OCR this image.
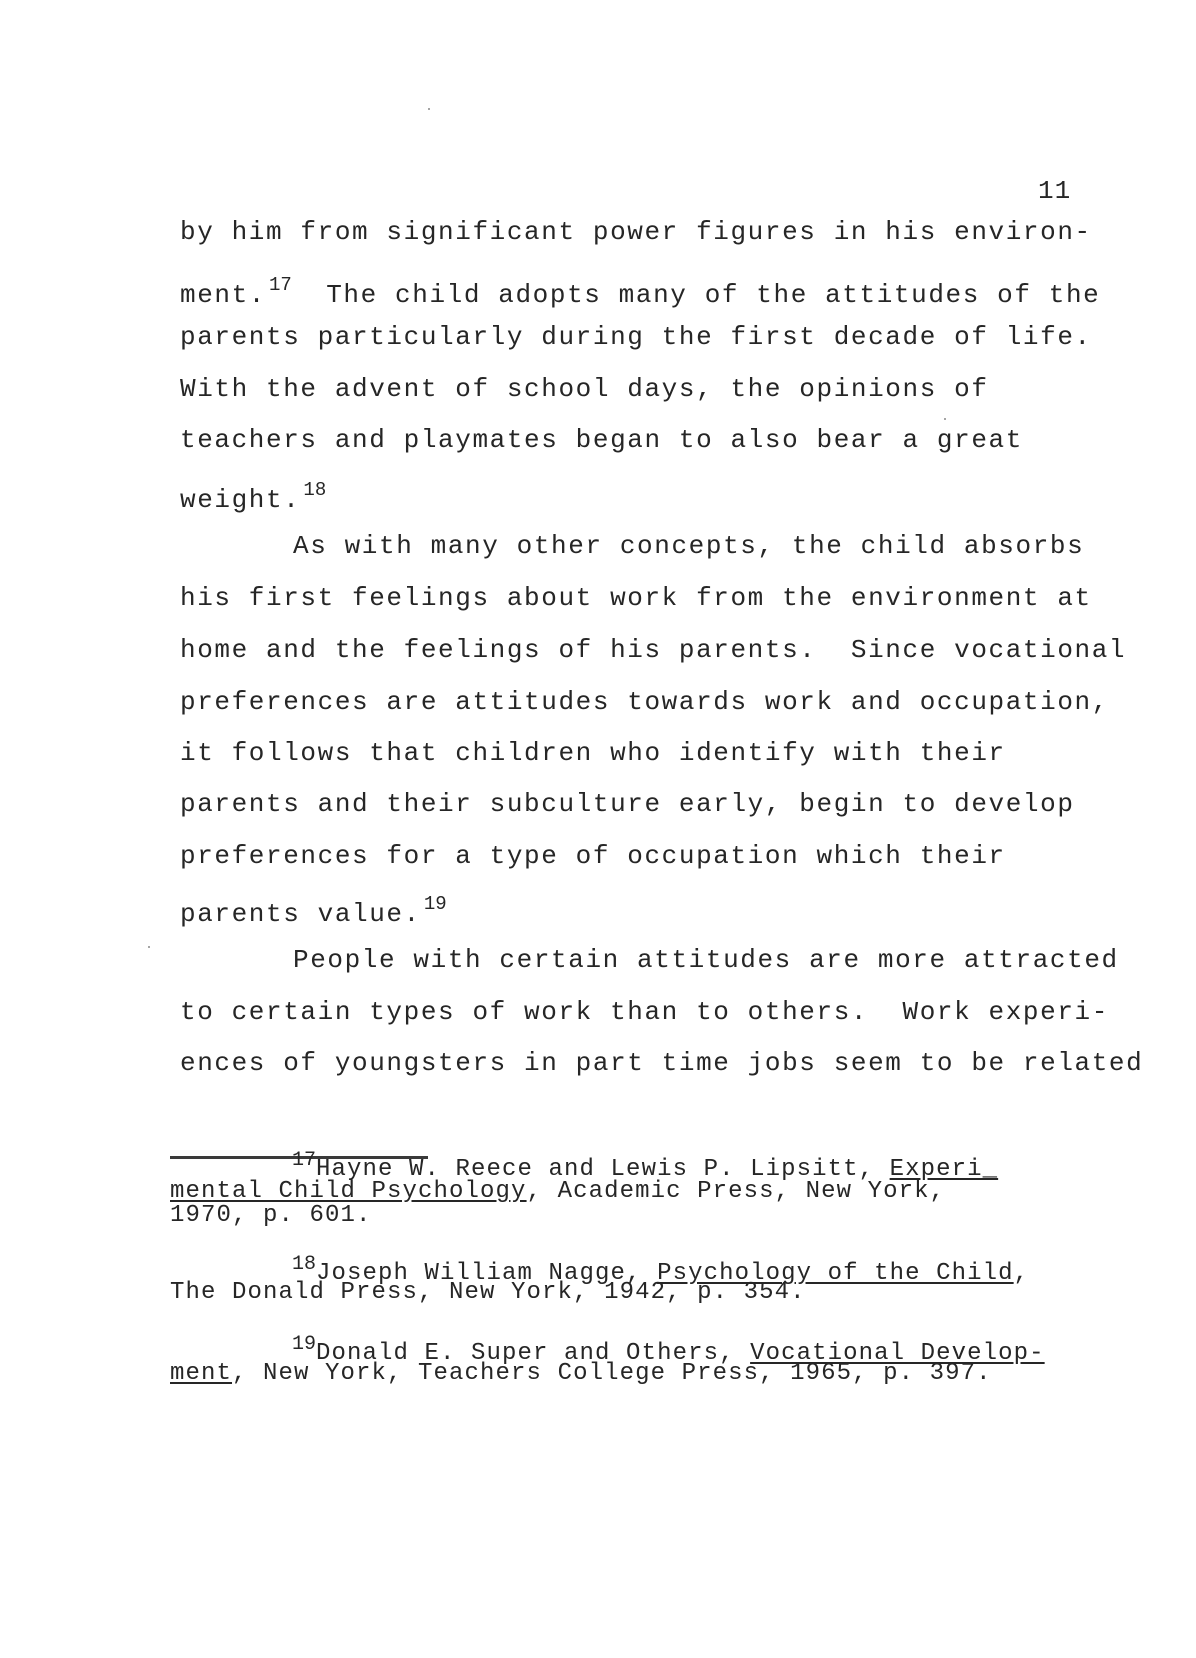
11
by him from significant power figures in his environ-
ment. $^{17}$  The child adopts many of the attitudes of the
parents particularly during the first decade of life.
With the advent of school days, the opinions of
teachers and playmates began to also bear a great
weight. $^{18}$
As with many other concepts, the child absorbs
his first feelings about work from the environment at
home and the feelings of his parents.  Since vocational
preferences are attitudes towards work and occupation,
it follows that children who identify with their
parents and their subculture early, begin to develop
preferences for a type of occupation which their
parents value. $^{19}$
People with certain attitudes are more attracted
to certain types of work than to others.  Work experi-
ences of youngsters in part time jobs seem to be related
$^{17}$Hayne W. Reece and Lewis P. Lipsitt, Experi_
mental Child Psychology, Academic Press, New York,
1970, p. 601.
$^{18}$Joseph William Nagge, Psychology of the Child,
The Donald Press, New York, 1942, p. 354.
$^{19}$Donald E. Super and Others, Vocational Develop-
ment, New York, Teachers College Press, 1965, p. 397.
